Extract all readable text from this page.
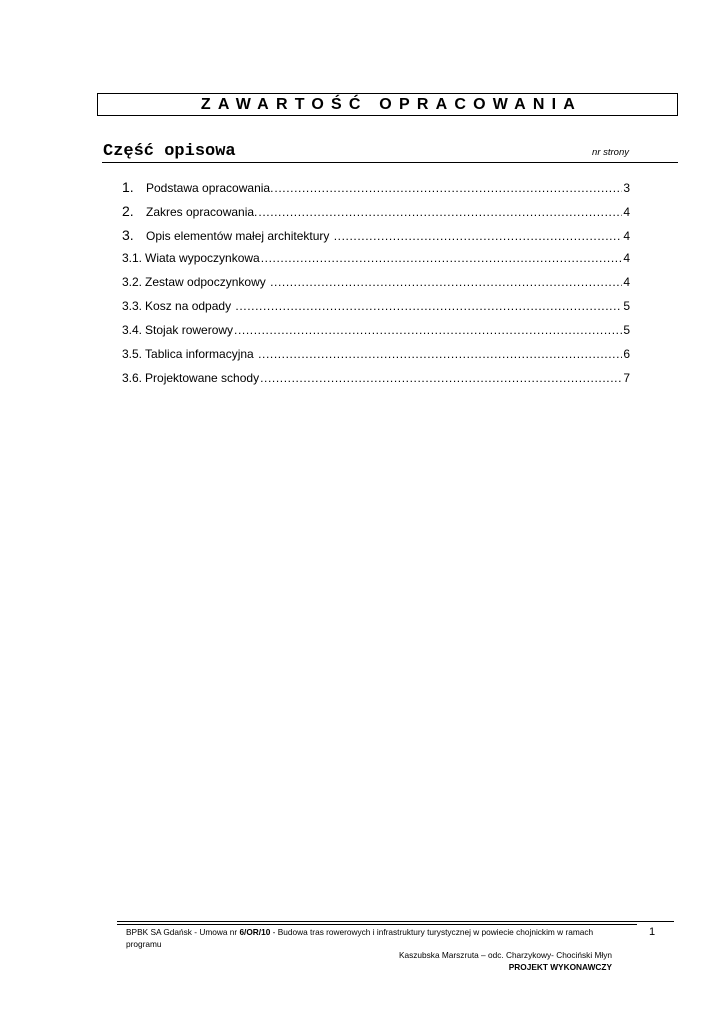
ZAWARTOŚĆ OPRACOWANIA
Część opisowa	nr strony
1.	Podstawa opracowania. .....	3
2.	Zakres opracowania. .....	4
3.	Opis elementów małej architektury .....	4
3.1. Wiata wypoczynkowa .....	4
3.2. Zestaw odpoczynkowy .....	4
3.3. Kosz na odpady .....	5
3.4. Stojak rowerowy .....	5
3.5. Tablica informacyjna .....	6
3.6. Projektowane schody .....	7
BPBK SA Gdańsk - Umowa nr 6/OR/10 - Budowa tras rowerowych i infrastruktury turystycznej w powiecie chojnickim w ramach programu
Kaszubska Marszruta – odc. Charzykowy- Chociński Młyn
PROJEKT WYKONAWCZY
1
